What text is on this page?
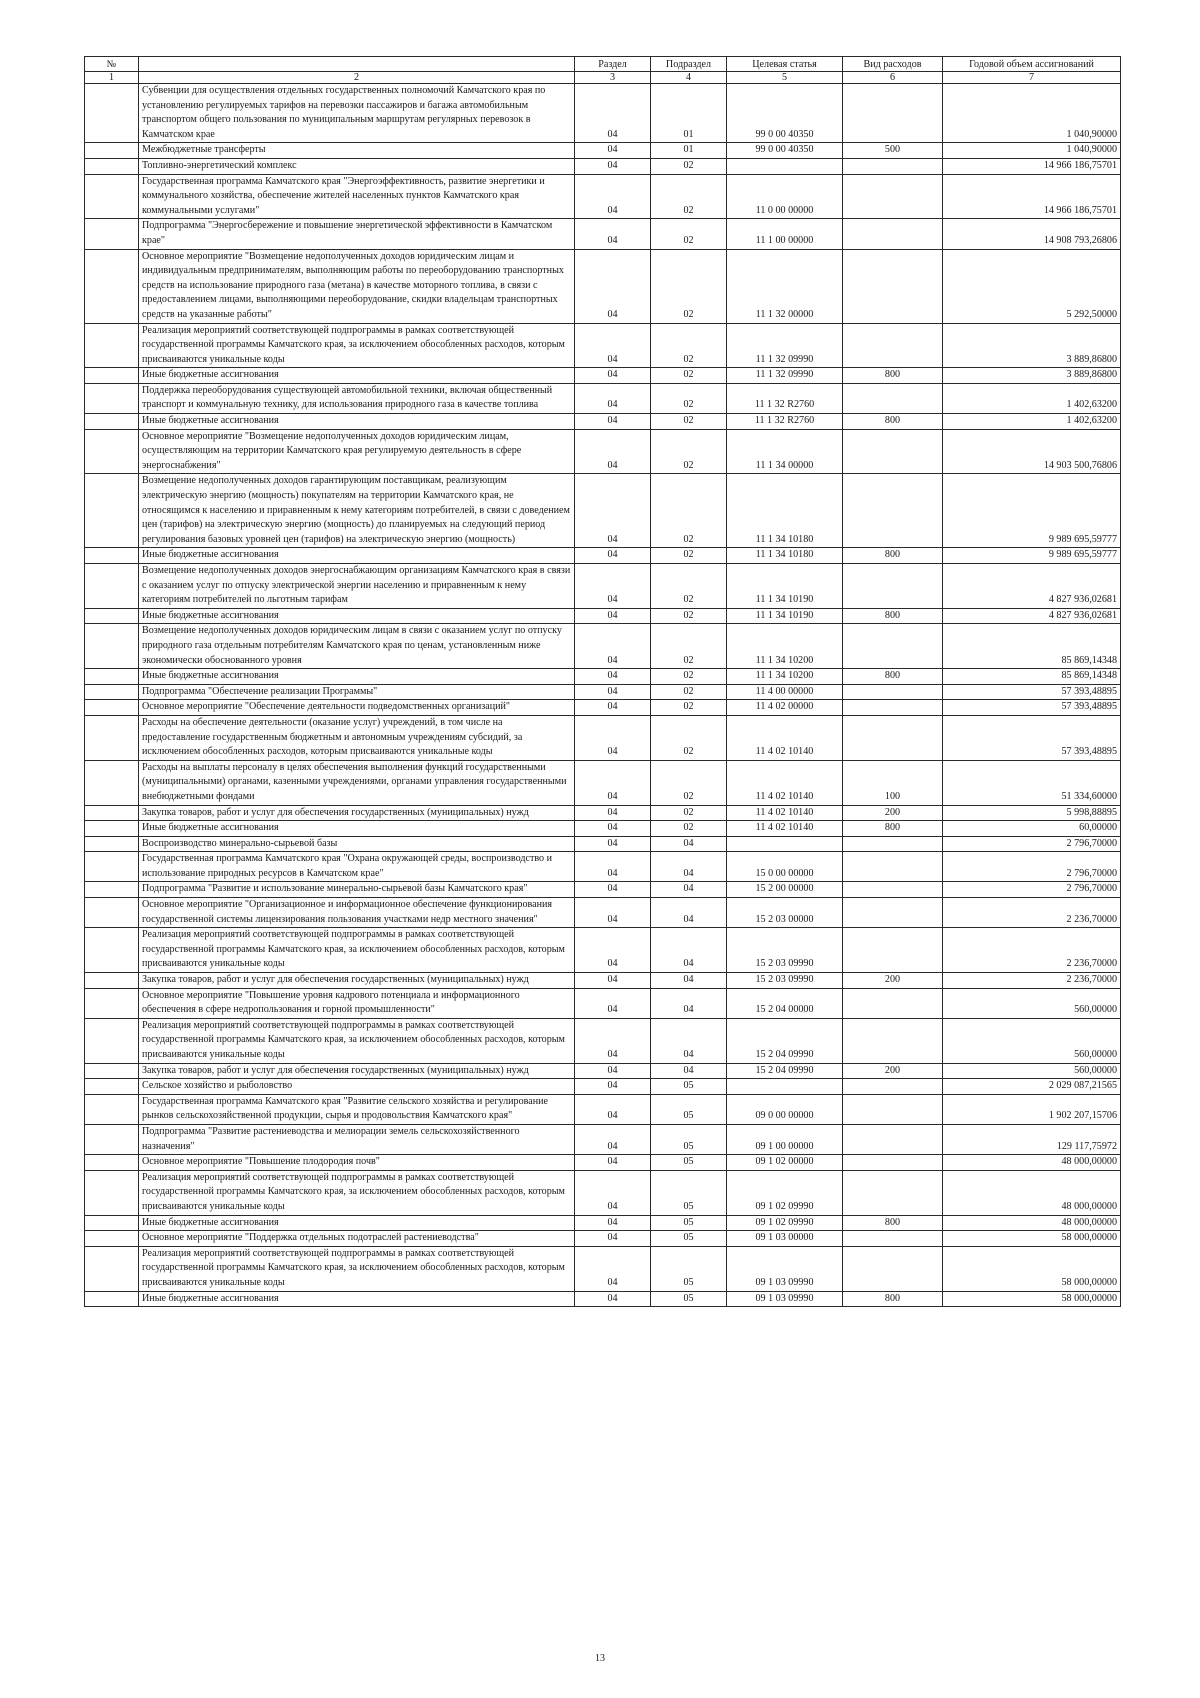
№		Раздел	Подраздел	Целевая статья	Вид расходов	Годовой объем ассигнований
1	2	3	4	5	6	7
	Субвенции для осуществления отдельных государственных полномочий Камчатского края по установлению регулируемых тарифов на перевозки пассажиров и багажа автомобильным транспортом общего пользования по муниципальным маршрутам регулярных перевозок в Камчатском крае	04	01	99 0 00 40350		1 040,90000
	Межбюджетные трансферты	04	01	99 0 00 40350	500	1 040,90000
	Топливно-энергетический комплекс	04	02			14 966 186,75701
	Государственная программа Камчатского края "Энергоэффективность, развитие энергетики и коммунального хозяйства, обеспечение жителей населенных пунктов Камчатского края коммунальными услугами"	04	02	11 0 00 00000		14 966 186,75701
	Подпрограмма "Энергосбережение и повышение энергетической эффективности в Камчатском крае"	04	02	11 1 00 00000		14 908 793,26806
	Основное мероприятие "Возмещение недополученных доходов юридическим лицам и индивидуальным предпринимателям, выполняющим работы по переоборудованию транспортных средств на использование природного газа (метана) в качестве моторного топлива, в связи с предоставлением лицами, выполняющими переоборудование, скидки владельцам транспортных средств на указанные работы"	04	02	11 1 32 00000		5 292,50000
	Реализация мероприятий соответствующей подпрограммы в рамках соответствующей государственной программы Камчатского края, за исключением обособленных расходов, которым присваиваются уникальные коды	04	02	11 1 32 09990		3 889,86800
	Иные бюджетные ассигнования	04	02	11 1 32 09990	800	3 889,86800
	Поддержка переоборудования существующей автомобильной техники, включая общественный транспорт и коммунальную технику, для использования природного газа в качестве топлива	04	02	11 1 32 R2760		1 402,63200
	Иные бюджетные ассигнования	04	02	11 1 32 R2760	800	1 402,63200
	Основное мероприятие "Возмещение недополученных доходов юридическим лицам, осуществляющим на территории Камчатского края регулируемую деятельность в сфере энергоснабжения"	04	02	11 1 34 00000		14 903 500,76806
	Возмещение недополученных доходов гарантирующим поставщикам, реализующим электрическую энергию (мощность) покупателям на территории Камчатского края, не относящимся к населению и приравненным к нему категориям потребителей, в связи с доведением цен (тарифов) на электрическую энергию (мощность) до планируемых на следующий период регулирования базовых уровней цен (тарифов) на электрическую энергию (мощность)	04	02	11 1 34 10180		9 989 695,59777
	Иные бюджетные ассигнования	04	02	11 1 34 10180	800	9 989 695,59777
	Возмещение недополученных доходов энергоснабжающим организациям Камчатского края в связи с оказанием услуг по отпуску электрической энергии населению и приравненным к нему категориям потребителей по льготным тарифам	04	02	11 1 34 10190		4 827 936,02681
	Иные бюджетные ассигнования	04	02	11 1 34 10190	800	4 827 936,02681
	Возмещение недополученных доходов юридическим лицам в связи с оказанием услуг по отпуску природного газа отдельным потребителям Камчатского края по ценам, установленным ниже экономически обоснованного уровня	04	02	11 1 34 10200		85 869,14348
	Иные бюджетные ассигнования	04	02	11 1 34 10200	800	85 869,14348
	Подпрограмма "Обеспечение реализации Программы"	04	02	11 4 00 00000		57 393,48895
	Основное мероприятие "Обеспечение деятельности подведомственных организаций"	04	02	11 4 02 00000		57 393,48895
	Расходы на обеспечение деятельности (оказание услуг) учреждений, в том числе на предоставление государственным бюджетным и автономным учреждениям субсидий, за исключением обособленных расходов, которым присваиваются уникальные коды	04	02	11 4 02 10140		57 393,48895
	Расходы на выплаты персоналу в целях обеспечения выполнения функций государственными (муниципальными) органами, казенными учреждениями, органами управления государственными внебюджетными фондами	04	02	11 4 02 10140	100	51 334,60000
	Закупка товаров, работ и услуг для обеспечения государственных (муниципальных) нужд	04	02	11 4 02 10140	200	5 998,88895
	Иные бюджетные ассигнования	04	02	11 4 02 10140	800	60,00000
	Воспроизводство минерально-сырьевой базы	04	04			2 796,70000
	Государственная программа Камчатского края "Охрана окружающей среды, воспроизводство и использование природных ресурсов в Камчатском крае"	04	04	15 0 00 00000		2 796,70000
	Подпрограмма "Развитие и использование минерально-сырьевой базы Камчатского края"	04	04	15 2 00 00000		2 796,70000
	Основное мероприятие "Организационное и информационное обеспечение функционирования государственной системы лицензирования пользования участками недр местного значения"	04	04	15 2 03 00000		2 236,70000
	Реализация мероприятий соответствующей подпрограммы в рамках соответствующей государственной программы Камчатского края, за исключением обособленных расходов, которым присваиваются уникальные коды	04	04	15 2 03 09990		2 236,70000
	Закупка товаров, работ и услуг для обеспечения государственных (муниципальных) нужд	04	04	15 2 03 09990	200	2 236,70000
	Основное мероприятие "Повышение уровня кадрового потенциала и информационного обеспечения в сфере недропользования и горной промышленности"	04	04	15 2 04 00000		560,00000
	Реализация мероприятий соответствующей подпрограммы в рамках соответствующей государственной программы Камчатского края, за исключением обособленных расходов, которым присваиваются уникальные коды	04	04	15 2 04 09990		560,00000
	Закупка товаров, работ и услуг для обеспечения государственных (муниципальных) нужд	04	04	15 2 04 09990	200	560,00000
	Сельское хозяйство и рыболовство	04	05			2 029 087,21565
	Государственная программа Камчатского края "Развитие сельского хозяйства и регулирование рынков сельскохозяйственной продукции, сырья и продовольствия Камчатского края"	04	05	09 0 00 00000		1 902 207,15706
	Подпрограмма "Развитие растениеводства и мелиорации земель сельскохозяйственного назначения"	04	05	09 1 00 00000		129 117,75972
	Основное мероприятие "Повышение плодородия почв"	04	05	09 1 02 00000		48 000,00000
	Реализация мероприятий соответствующей подпрограммы в рамках соответствующей государственной программы Камчатского края, за исключением обособленных расходов, которым присваиваются уникальные коды	04	05	09 1 02 09990		48 000,00000
	Иные бюджетные ассигнования	04	05	09 1 02 09990	800	48 000,00000
	Основное мероприятие "Поддержка отдельных подотраслей растениеводства"	04	05	09 1 03 00000		58 000,00000
	Реализация мероприятий соответствующей подпрограммы в рамках соответствующей государственной программы Камчатского края, за исключением обособленных расходов, которым присваиваются уникальные коды	04	05	09 1 03 09990		58 000,00000
	Иные бюджетные ассигнования	04	05	09 1 03 09990	800	58 000,00000
13
